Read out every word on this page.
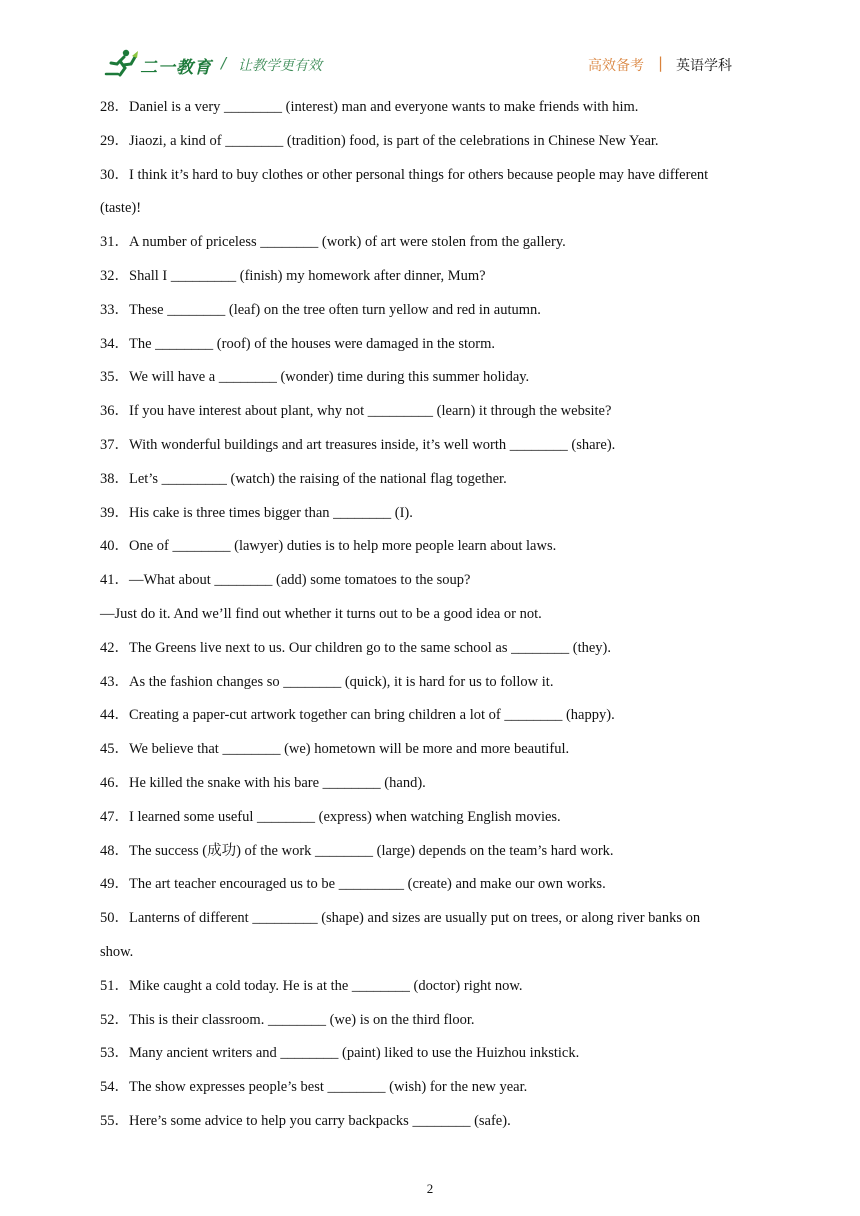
二一教育 / 让教学更有效	高效备考 | 英语学科
28．Daniel is a very ________ (interest) man and everyone wants to make friends with him.
29．Jiaozi, a kind of ________ (tradition) food, is part of the celebrations in Chinese New Year.
30．I think it’s hard to buy clothes or other personal things for others because people may have different
(taste)!
31．A number of priceless ________ (work) of art were stolen from the gallery.
32．Shall I _________ (finish) my homework after dinner, Mum?
33．These ________ (leaf) on the tree often turn yellow and red in autumn.
34．The ________ (roof) of the houses were damaged in the storm.
35．We will have a ________ (wonder) time during this summer holiday.
36．If you have interest about plant, why not _________ (learn) it through the website?
37．With wonderful buildings and art treasures inside, it’s well worth ________ (share).
38．Let’s _________ (watch) the raising of the national flag together.
39．His cake is three times bigger than ________ (I).
40．One of ________ (lawyer) duties is to help more people learn about laws.
41．—What about ________ (add) some tomatoes to the soup?
—Just do it. And we’ll find out whether it turns out to be a good idea or not.
42．The Greens live next to us. Our children go to the same school as ________ (they).
43．As the fashion changes so ________ (quick), it is hard for us to follow it.
44．Creating a paper-cut artwork together can bring children a lot of ________ (happy).
45．We believe that ________ (we) hometown will be more and more beautiful.
46．He killed the snake with his bare ________ (hand).
47．I learned some useful ________ (express) when watching English movies.
48．The success (成功) of the work ________ (large) depends on the team’s hard work.
49．The art teacher encouraged us to be _________ (create) and make our own works.
50．Lanterns of different _________ (shape) and sizes are usually put on trees, or along river banks on
show.
51．Mike caught a cold today. He is at the ________ (doctor) right now.
52．This is their classroom. ________ (we) is on the third floor.
53．Many ancient writers and ________ (paint) liked to use the Huizhou inkstick.
54．The show expresses people’s best ________ (wish) for the new year.
55．Here’s some advice to help you carry backpacks ________ (safe).
2
